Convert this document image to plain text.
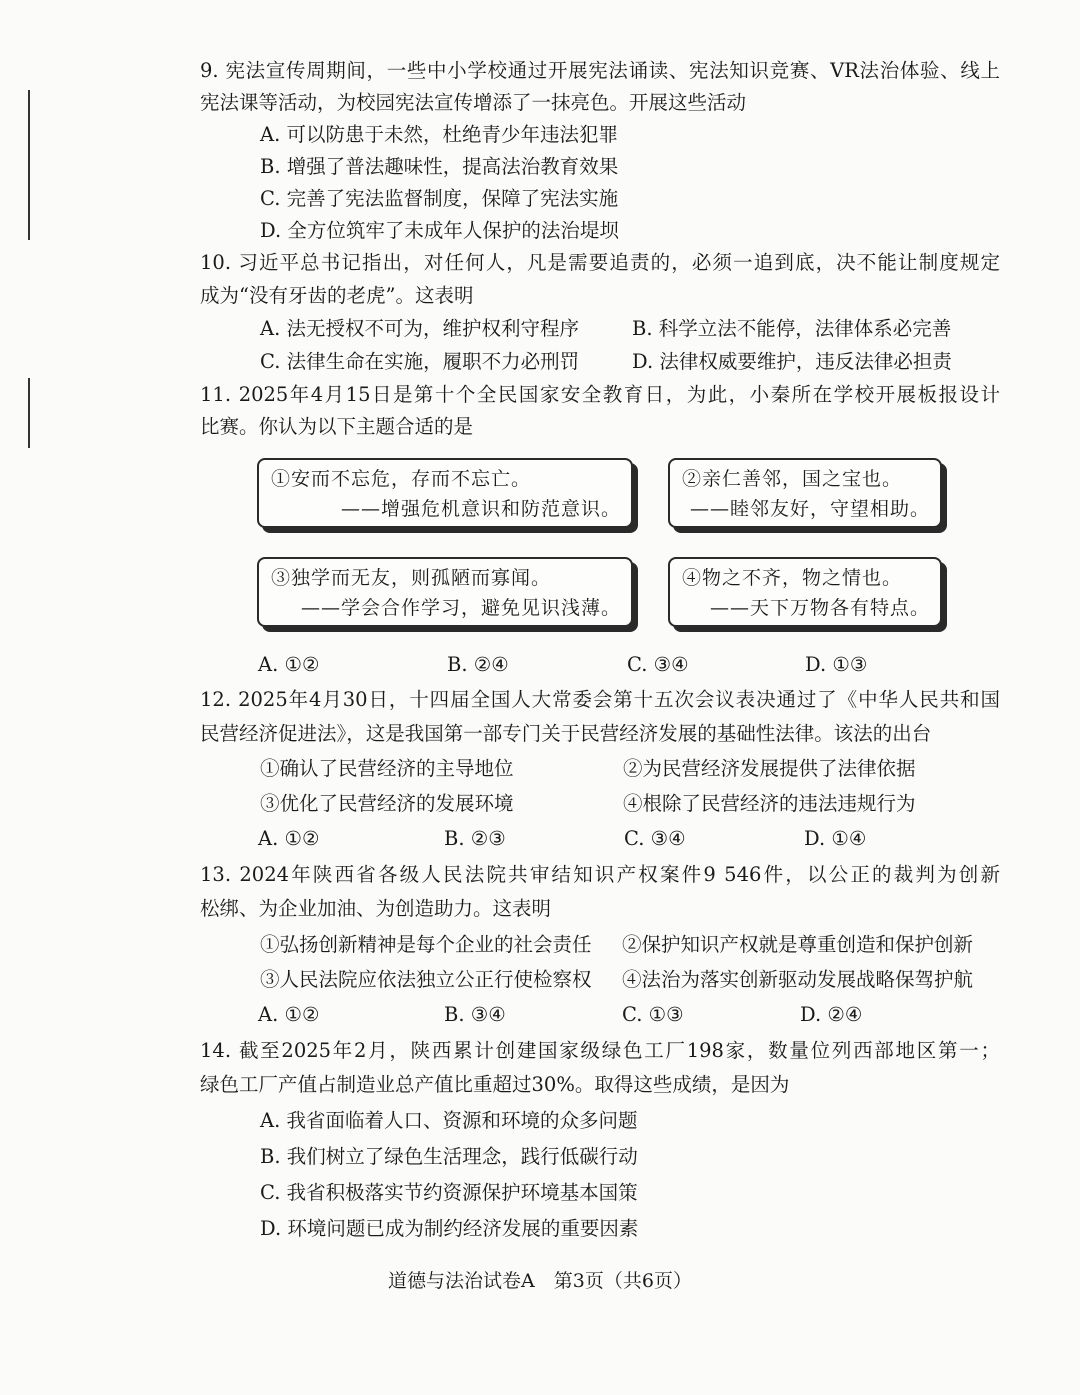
9. 宪法宣传周期间，一些中小学校通过开展宪法诵读、宪法知识竞赛、VR法治体验、线上
宪法课等活动，为校园宪法宣传增添了一抹亮色。开展这些活动
A. 可以防患于未然，杜绝青少年违法犯罪
B. 增强了普法趣味性，提高法治教育效果
C. 完善了宪法监督制度，保障了宪法实施
D. 全方位筑牢了未成年人保护的法治堤坝
10. 习近平总书记指出，对任何人，凡是需要追责的，必须一追到底，决不能让制度规定
成为“没有牙齿的老虎”。这表明
A. 法无授权不可为，维护权利守程序	B. 科学立法不能停，法律体系必完善
C. 法律生命在实施，履职不力必刑罚	D. 法律权威要维护，违反法律必担责
11. 2025年4月15日是第十个全民国家安全教育日，为此，小秦所在学校开展板报设计
比赛。你认为以下主题合适的是
①安而不忘危，存而不忘亡。
——增强危机意识和防范意识。
②亲仁善邻，国之宝也。
——睦邻友好，守望相助。
③独学而无友，则孤陋而寡闻。
——学会合作学习，避免见识浅薄。
④物之不齐，物之情也。
——天下万物各有特点。
A. ①②	B. ②④	C. ③④	D. ①③
12. 2025年4月30日，十四届全国人大常委会第十五次会议表决通过了《中华人民共和国
民营经济促进法》，这是我国第一部专门关于民营经济发展的基础性法律。该法的出台
①确认了民营经济的主导地位	②为民营经济发展提供了法律依据
③优化了民营经济的发展环境	④根除了民营经济的违法违规行为
A. ①②	B. ②③	C. ③④	D. ①④
13. 2024年陕西省各级人民法院共审结知识产权案件9 546件，以公正的裁判为创新
松绑、为企业加油、为创造助力。这表明
①弘扬创新精神是每个企业的社会责任 ②保护知识产权就是尊重创造和保护创新
③人民法院应依法独立公正行使检察权 ④法治为落实创新驱动发展战略保驾护航
A. ①②	B. ③④	C. ①③	D. ②④
14. 截至2025年2月，陕西累计创建国家级绿色工厂198家，数量位列西部地区第一；
绿色工厂产值占制造业总产值比重超过30%。取得这些成绩，是因为
A. 我省面临着人口、资源和环境的众多问题
B. 我们树立了绿色生活理念，践行低碳行动
C. 我省积极落实节约资源保护环境基本国策
D. 环境问题已成为制约经济发展的重要因素
道德与法治试卷A　第3页（共6页）
